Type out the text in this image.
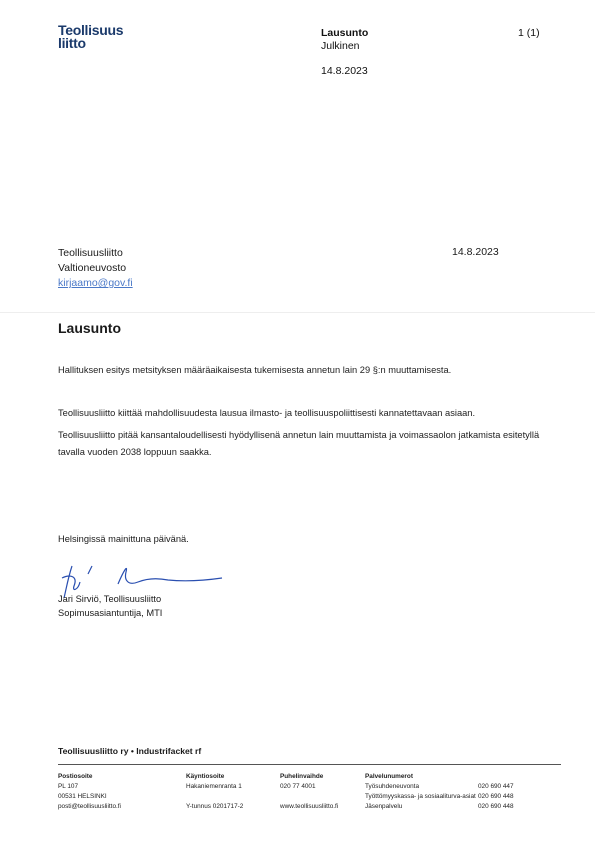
Teollisuus
liitto
Lausunto	1 (1)
Julkinen
14.8.2023
Teollisuusliitto
Valtioneuvosto
kirjaamo@gov.fi
14.8.2023
Lausunto
Hallituksen esitys metsityksen määräaikaisesta tukemisesta annetun lain 29 §:n muuttamisesta.
Teollisuusliitto kiittää mahdollisuudesta lausua ilmasto- ja teollisuuspoliittisesti kannatettavaan asiaan.
Teollisuusliitto pitää kansantaloudellisesti hyödyllisenä annetun lain muuttamista ja voimassaolon jatkamista esitetyllä tavalla vuoden 2038 loppuun saakka.
Helsingissä mainittuna päivänä.
Jari Sirviö, Teollisuusliitto
Sopimusasiantuntija, MTI
Teollisuusliitto ry • Industrifacket rf
Postiosoite
PL 107
00531 HELSINKI
posti@teollisuusliitto.fi
Käyntiosoite
Hakaniemenranta 1

Y-tunnus 0201717-2
Puhelinvaihde
020 77 4001

www.teollisuusliitto.fi
Palvelunumerot
Työsuhdeneuvonta
Työttömyyskassa- ja sosiaaliturva-asiat
Jäsenpalvelu
020 690 447
020 690 448
020 690 448
